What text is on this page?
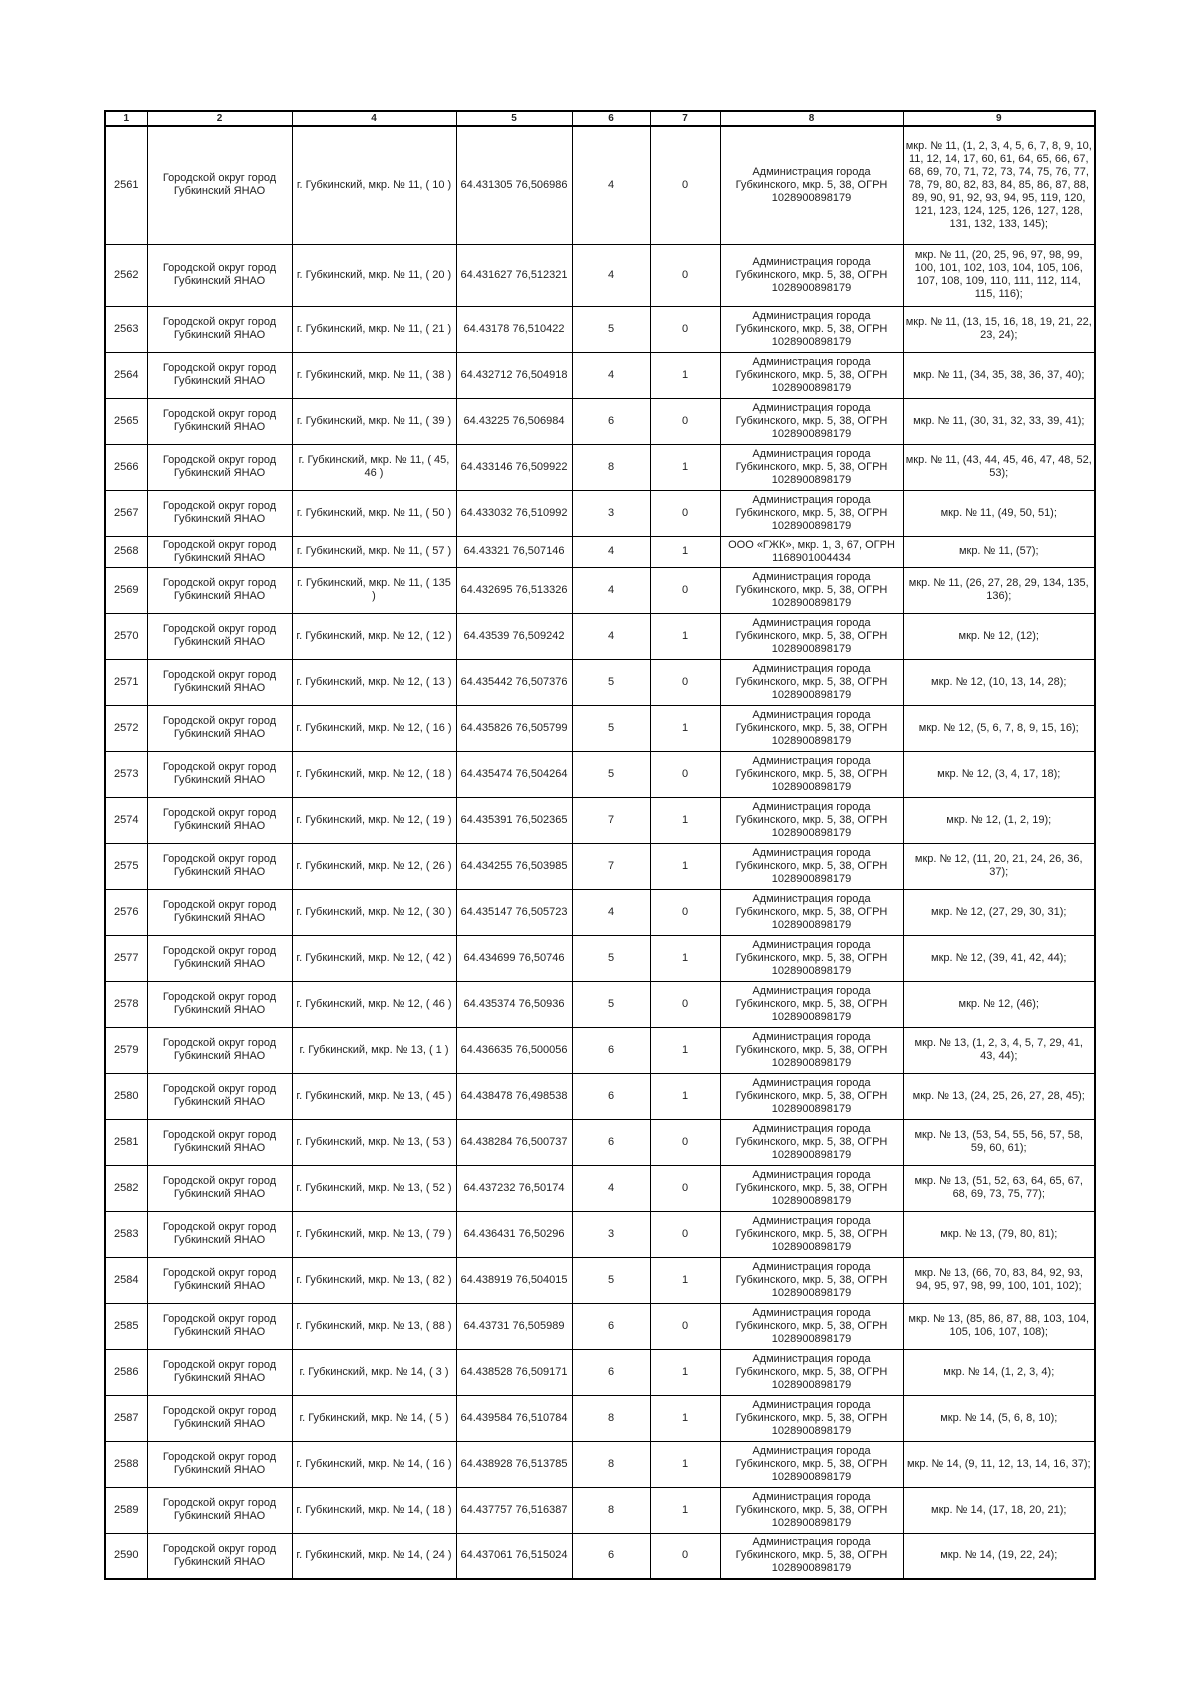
1	2	4	5	6	7	8	9
2561	Городской округ город Губкинский ЯНАО	г. Губкинский, мкр. № 11, ( 10 )	64.431305 76,506986	4	0	Администрация города Губкинского, мкр. 5, 38, ОГРН 1028900898179	мкр. № 11, (1, 2, 3, 4, 5, 6, 7, 8, 9, 10, 11, 12, 14, 17, 60, 61, 64, 65, 66, 67, 68, 69, 70, 71, 72, 73, 74, 75, 76, 77, 78, 79, 80, 82, 83, 84, 85, 86, 87, 88, 89, 90, 91, 92, 93, 94, 95, 119, 120, 121, 123, 124, 125, 126, 127, 128, 131, 132, 133, 145);
2562	Городской округ город Губкинский ЯНАО	г. Губкинский, мкр. № 11, ( 20 )	64.431627 76,512321	4	0	Администрация города Губкинского, мкр. 5, 38, ОГРН 1028900898179	мкр. № 11, (20, 25, 96, 97, 98, 99, 100, 101, 102, 103, 104, 105, 106, 107, 108, 109, 110, 111, 112, 114, 115, 116);
2563	Городской округ город Губкинский ЯНАО	г. Губкинский, мкр. № 11, ( 21 )	64.43178 76,510422	5	0	Администрация города Губкинского, мкр. 5, 38, ОГРН 1028900898179	мкр. № 11, (13, 15, 16, 18, 19, 21, 22, 23, 24);
2564	Городской округ город Губкинский ЯНАО	г. Губкинский, мкр. № 11, ( 38 )	64.432712 76,504918	4	1	Администрация города Губкинского, мкр. 5, 38, ОГРН 1028900898179	мкр. № 11, (34, 35, 38, 36, 37, 40);
2565	Городской округ город Губкинский ЯНАО	г. Губкинский, мкр. № 11, ( 39 )	64.43225 76,506984	6	0	Администрация города Губкинского, мкр. 5, 38, ОГРН 1028900898179	мкр. № 11, (30, 31, 32, 33, 39, 41);
2566	Городской округ город Губкинский ЯНАО	г. Губкинский, мкр. № 11, ( 45, 46 )	64.433146 76,509922	8	1	Администрация города Губкинского, мкр. 5, 38, ОГРН 1028900898179	мкр. № 11, (43, 44, 45, 46, 47, 48, 52, 53);
2567	Городской округ город Губкинский ЯНАО	г. Губкинский, мкр. № 11, ( 50 )	64.433032 76,510992	3	0	Администрация города Губкинского, мкр. 5, 38, ОГРН 1028900898179	мкр. № 11, (49, 50, 51);
2568	Городской округ город Губкинский ЯНАО	г. Губкинский, мкр. № 11, ( 57 )	64.43321 76,507146	4	1	ООО «ГЖК», мкр. 1, 3, 67, ОГРН 1168901004434	мкр. № 11, (57);
2569	Городской округ город Губкинский ЯНАО	г. Губкинский, мкр. № 11, ( 135 )	64.432695 76,513326	4	0	Администрация города Губкинского, мкр. 5, 38, ОГРН 1028900898179	мкр. № 11, (26, 27, 28, 29, 134, 135, 136);
2570	Городской округ город Губкинский ЯНАО	г. Губкинский, мкр. № 12, ( 12 )	64.43539 76,509242	4	1	Администрация города Губкинского, мкр. 5, 38, ОГРН 1028900898179	мкр. № 12, (12);
2571	Городской округ город Губкинский ЯНАО	г. Губкинский, мкр. № 12, ( 13 )	64.435442 76,507376	5	0	Администрация города Губкинского, мкр. 5, 38, ОГРН 1028900898179	мкр. № 12, (10, 13, 14, 28);
2572	Городской округ город Губкинский ЯНАО	г. Губкинский, мкр. № 12, ( 16 )	64.435826 76,505799	5	1	Администрация города Губкинского, мкр. 5, 38, ОГРН 1028900898179	мкр. № 12, (5, 6, 7, 8, 9, 15, 16);
2573	Городской округ город Губкинский ЯНАО	г. Губкинский, мкр. № 12, ( 18 )	64.435474 76,504264	5	0	Администрация города Губкинского, мкр. 5, 38, ОГРН 1028900898179	мкр. № 12, (3, 4, 17, 18);
2574	Городской округ город Губкинский ЯНАО	г. Губкинский, мкр. № 12, ( 19 )	64.435391 76,502365	7	1	Администрация города Губкинского, мкр. 5, 38, ОГРН 1028900898179	мкр. № 12, (1, 2, 19);
2575	Городской округ город Губкинский ЯНАО	г. Губкинский, мкр. № 12, ( 26 )	64.434255 76,503985	7	1	Администрация города Губкинского, мкр. 5, 38, ОГРН 1028900898179	мкр. № 12, (11, 20, 21, 24, 26, 36, 37);
2576	Городской округ город Губкинский ЯНАО	г. Губкинский, мкр. № 12, ( 30 )	64.435147 76,505723	4	0	Администрация города Губкинского, мкр. 5, 38, ОГРН 1028900898179	мкр. № 12, (27, 29, 30, 31);
2577	Городской округ город Губкинский ЯНАО	г. Губкинский, мкр. № 12, ( 42 )	64.434699 76,50746	5	1	Администрация города Губкинского, мкр. 5, 38, ОГРН 1028900898179	мкр. № 12, (39, 41, 42, 44);
2578	Городской округ город Губкинский ЯНАО	г. Губкинский, мкр. № 12, ( 46 )	64.435374 76,50936	5	0	Администрация города Губкинского, мкр. 5, 38, ОГРН 1028900898179	мкр. № 12, (46);
2579	Городской округ город Губкинский ЯНАО	г. Губкинский, мкр. № 13, ( 1 )	64.436635 76,500056	6	1	Администрация города Губкинского, мкр. 5, 38, ОГРН 1028900898179	мкр. № 13, (1, 2, 3, 4, 5, 7, 29, 41, 43, 44);
2580	Городской округ город Губкинский ЯНАО	г. Губкинский, мкр. № 13, ( 45 )	64.438478 76,498538	6	1	Администрация города Губкинского, мкр. 5, 38, ОГРН 1028900898179	мкр. № 13, (24, 25, 26, 27, 28, 45);
2581	Городской округ город Губкинский ЯНАО	г. Губкинский, мкр. № 13, ( 53 )	64.438284 76,500737	6	0	Администрация города Губкинского, мкр. 5, 38, ОГРН 1028900898179	мкр. № 13, (53, 54, 55, 56, 57, 58, 59, 60, 61);
2582	Городской округ город Губкинский ЯНАО	г. Губкинский, мкр. № 13, ( 52 )	64.437232 76,50174	4	0	Администрация города Губкинского, мкр. 5, 38, ОГРН 1028900898179	мкр. № 13, (51, 52, 63, 64, 65, 67, 68, 69, 73, 75, 77);
2583	Городской округ город Губкинский ЯНАО	г. Губкинский, мкр. № 13, ( 79 )	64.436431 76,50296	3	0	Администрация города Губкинского, мкр. 5, 38, ОГРН 1028900898179	мкр. № 13, (79, 80, 81);
2584	Городской округ город Губкинский ЯНАО	г. Губкинский, мкр. № 13, ( 82 )	64.438919 76,504015	5	1	Администрация города Губкинского, мкр. 5, 38, ОГРН 1028900898179	мкр. № 13, (66, 70, 83, 84, 92, 93, 94, 95, 97, 98, 99, 100, 101, 102);
2585	Городской округ город Губкинский ЯНАО	г. Губкинский, мкр. № 13, ( 88 )	64.43731 76,505989	6	0	Администрация города Губкинского, мкр. 5, 38, ОГРН 1028900898179	мкр. № 13, (85, 86, 87, 88, 103, 104, 105, 106, 107, 108);
2586	Городской округ город Губкинский ЯНАО	г. Губкинский, мкр. № 14, ( 3 )	64.438528 76,509171	6	1	Администрация города Губкинского, мкр. 5, 38, ОГРН 1028900898179	мкр. № 14, (1, 2, 3, 4);
2587	Городской округ город Губкинский ЯНАО	г. Губкинский, мкр. № 14, ( 5 )	64.439584 76,510784	8	1	Администрация города Губкинского, мкр. 5, 38, ОГРН 1028900898179	мкр. № 14, (5, 6, 8, 10);
2588	Городской округ город Губкинский ЯНАО	г. Губкинский, мкр. № 14, ( 16 )	64.438928 76,513785	8	1	Администрация города Губкинского, мкр. 5, 38, ОГРН 1028900898179	мкр. № 14, (9, 11, 12, 13, 14, 16, 37);
2589	Городской округ город Губкинский ЯНАО	г. Губкинский, мкр. № 14, ( 18 )	64.437757 76,516387	8	1	Администрация города Губкинского, мкр. 5, 38, ОГРН 1028900898179	мкр. № 14, (17, 18, 20, 21);
2590	Городской округ город Губкинский ЯНАО	г. Губкинский, мкр. № 14, ( 24 )	64.437061 76,515024	6	0	Администрация города Губкинского, мкр. 5, 38, ОГРН 1028900898179	мкр. № 14, (19, 22, 24);
